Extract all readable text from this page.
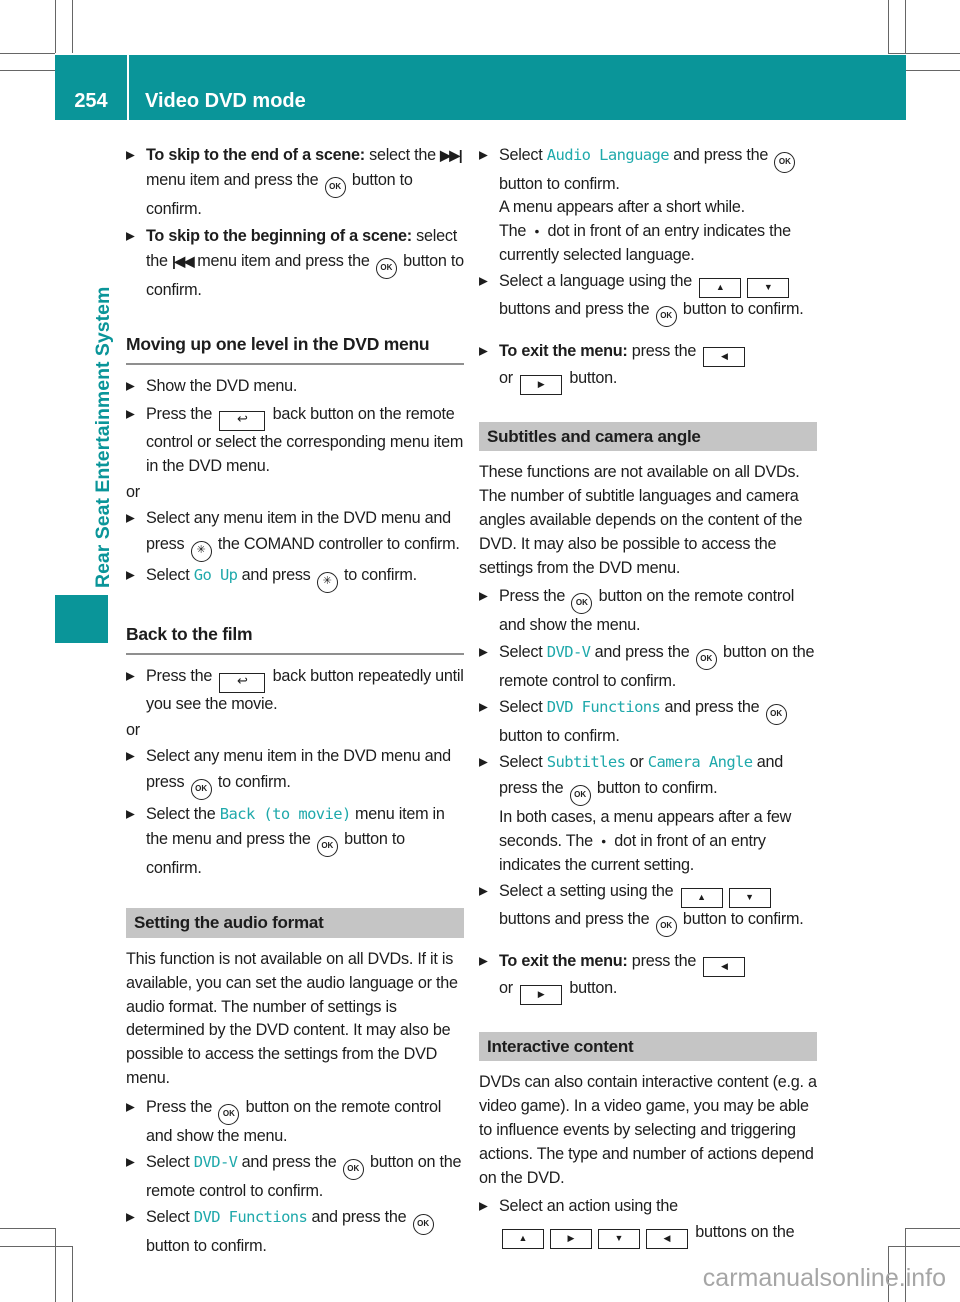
254	Video DVD mode
Rear Seat Entertainment System
▶ To skip to the end of a scene: select the ▶▶| menu item and press the OK button to confirm.
▶ To skip to the beginning of a scene: select the |◀◀ menu item and press the OK button to confirm.
Moving up one level in the DVD menu
▶ Show the DVD menu.
▶ Press the ↩ back button on the remote control or select the corresponding menu item in the DVD menu.
or
▶ Select any menu item in the DVD menu and press ✳ the COMAND controller to confirm.
▶ Select Go Up and press ✳ to confirm.
Back to the film
▶ Press the ↩ back button repeatedly until you see the movie.
or
▶ Select any menu item in the DVD menu and press OK to confirm.
▶ Select the Back (to movie) menu item in the menu and press the OK button to confirm.
Setting the audio format
This function is not available on all DVDs. If it is available, you can set the audio language or the audio format. The number of settings is determined by the DVD content. It may also be possible to access the settings from the DVD menu.
▶ Press the OK button on the remote control and show the menu.
▶ Select DVD-V and press the OK button on the remote control to confirm.
▶ Select DVD Functions and press the OK button to confirm.
▶ Select Audio Language and press the OK button to confirm.
A menu appears after a short while.
The ● dot in front of an entry indicates the currently selected language.
▶ Select a language using the ▲	▼ buttons and press the OK button to confirm.
▶ To exit the menu: press the ◀
or ▶ button.
Subtitles and camera angle
These functions are not available on all DVDs. The number of subtitle languages and camera angles available depends on the content of the DVD. It may also be possible to access the settings from the DVD menu.
▶ Press the OK button on the remote control and show the menu.
▶ Select DVD-V and press the OK button on the remote control to confirm.
▶ Select DVD Functions and press the OK button to confirm.
▶ Select Subtitles or Camera Angle and press the OK button to confirm.
In both cases, a menu appears after a few seconds. The ● dot in front of an entry indicates the current setting.
▶ Select a setting using the ▲	▼ buttons and press the OK button to confirm.
▶ To exit the menu: press the ◀
or ▶ button.
Interactive content
DVDs can also contain interactive content (e.g. a video game). In a video game, you may be able to influence events by selecting and triggering actions. The type and number of actions depend on the DVD.
▶ Select an action using the
▲	▶	▼	◀ buttons on the
carmanualsonline.info
